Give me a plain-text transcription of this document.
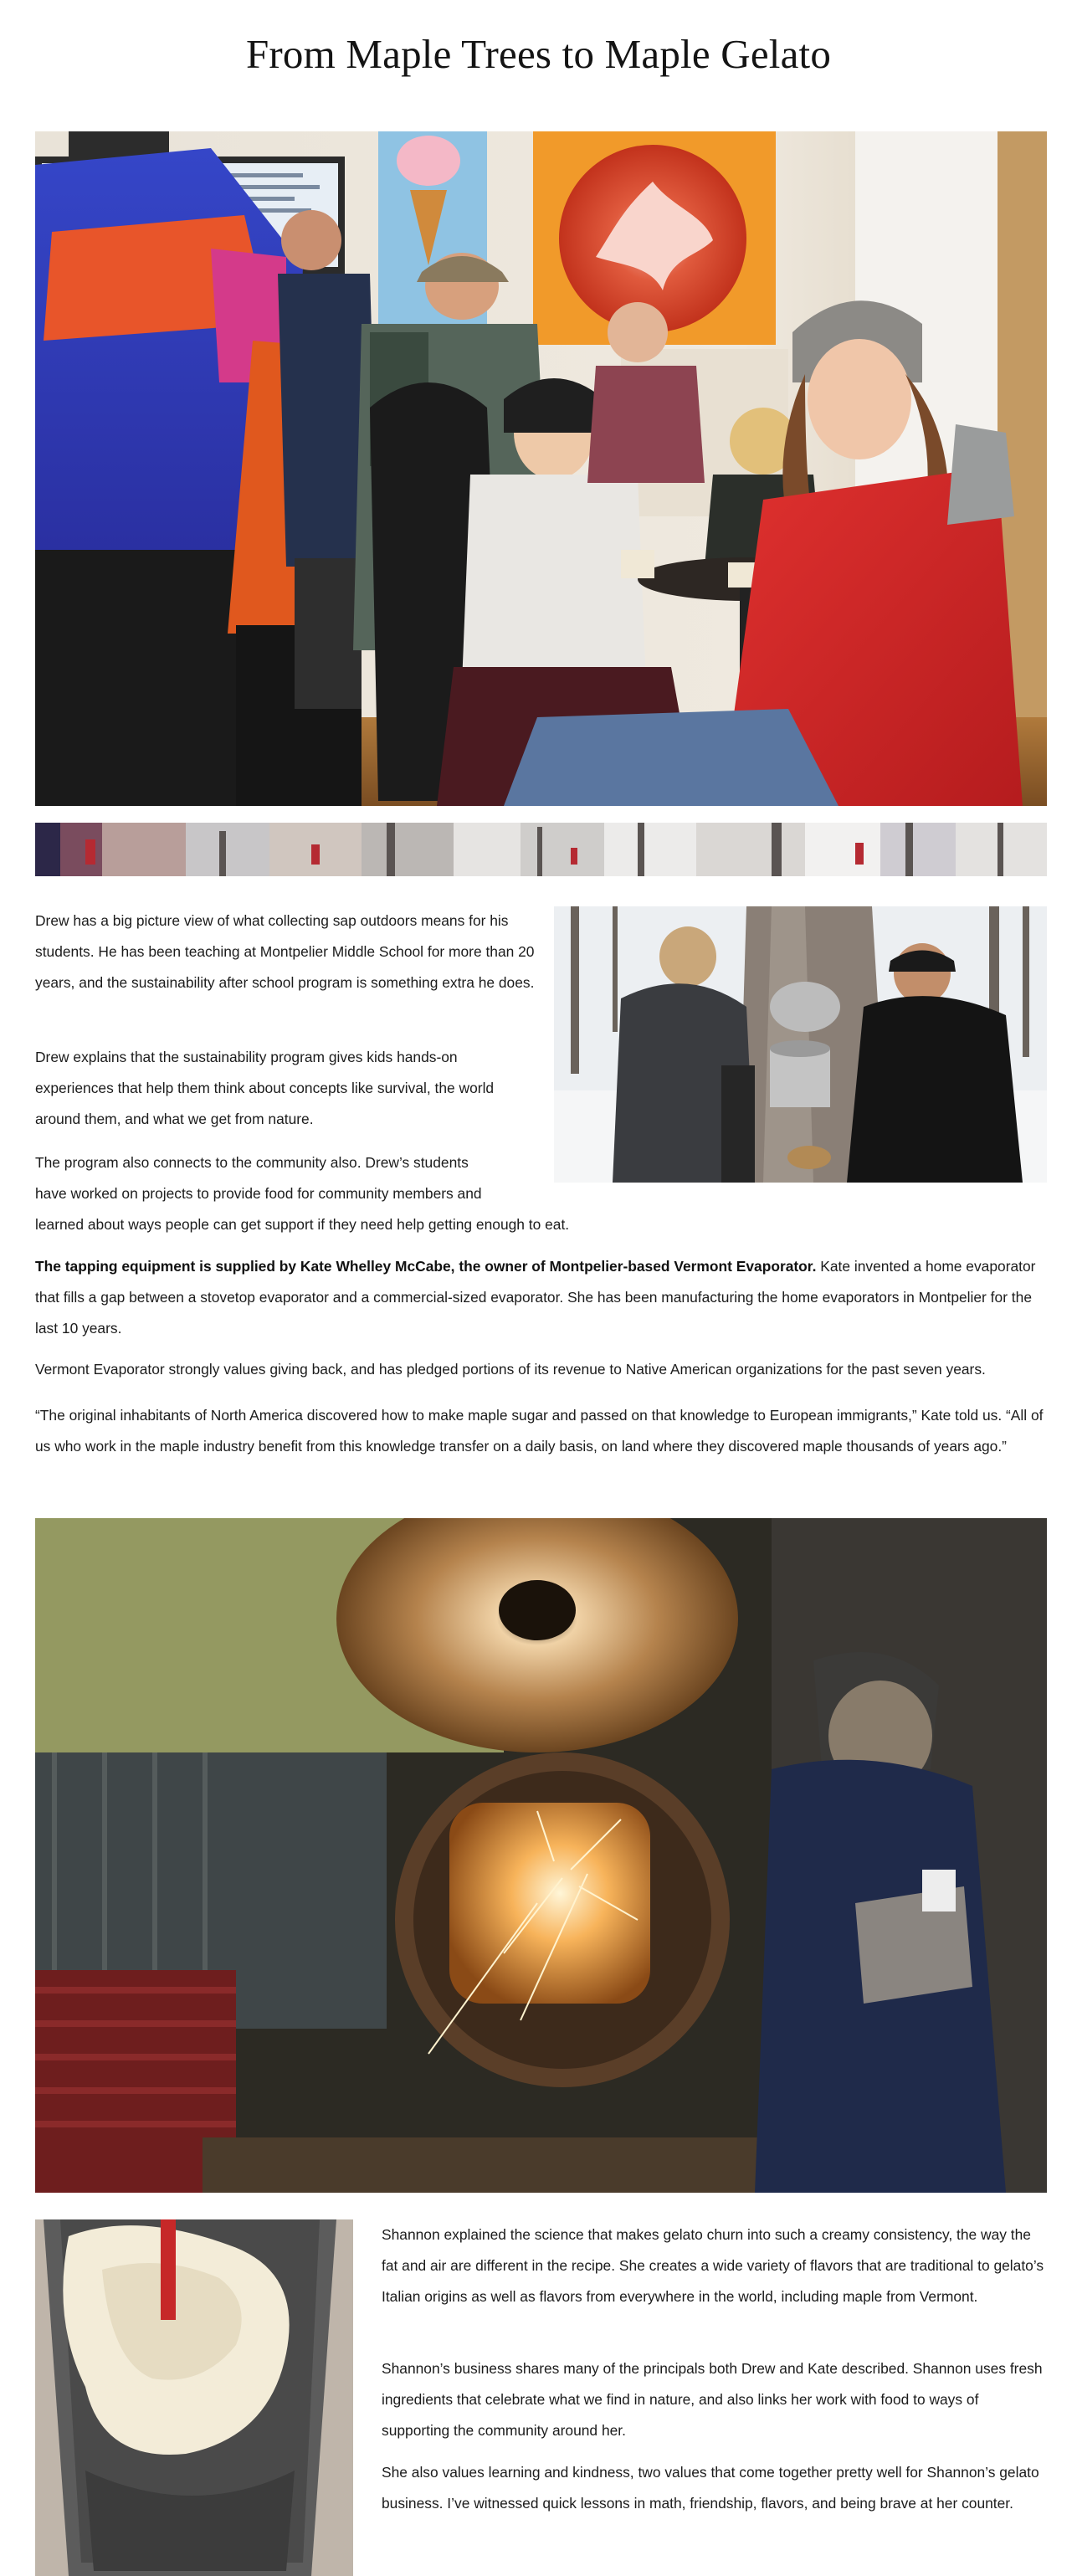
From Maple Trees to Maple Gelato

Drew has a big picture view of what collecting sap outdoors means for his students. He has been teaching at Montpelier Middle School for more than 20 years, and the sustainability after school program is something extra he does.

Drew explains that the sustainability program gives kids hands-on experiences that help them think about concepts like survival, the world around them, and what we get from nature.

The program also connects to the community also. Drew’s students
have worked on projects to provide food for community members and

learned about ways people can get support if they need help getting enough to eat.

The tapping equipment is supplied by Kate Whelley McCabe, the owner of Montpelier-based Vermont Evaporator. Kate invented a home evaporator that fills a gap between a stovetop evaporator and a commercial-sized evaporator. She has been manufacturing the home evaporators in Montpelier for the last 10 years.

Vermont Evaporator strongly values giving back, and has pledged portions of its revenue to Native American organizations for the past seven years.

“The original inhabitants of North America discovered how to make maple sugar and passed on that knowledge to European immigrants,” Kate told us. “All of us who work in the maple industry benefit from this knowledge transfer on a daily basis, on land where they discovered maple thousands of years ago.”

Shannon explained the science that makes gelato churn into such a creamy consistency, the way the fat and air are different in the recipe. She creates a wide variety of flavors that are traditional to gelato’s Italian origins as well as flavors from everywhere in the world, including maple from Vermont.

Shannon’s business shares many of the principals both Drew and Kate described. Shannon uses fresh ingredients that celebrate what we find in nature, and also links her work with food to ways of supporting the community around her.

She also values learning and kindness, two values that come together pretty well for Shannon’s gelato business. I’ve witnessed quick lessons in math, friendship, flavors, and being brave at her counter.
